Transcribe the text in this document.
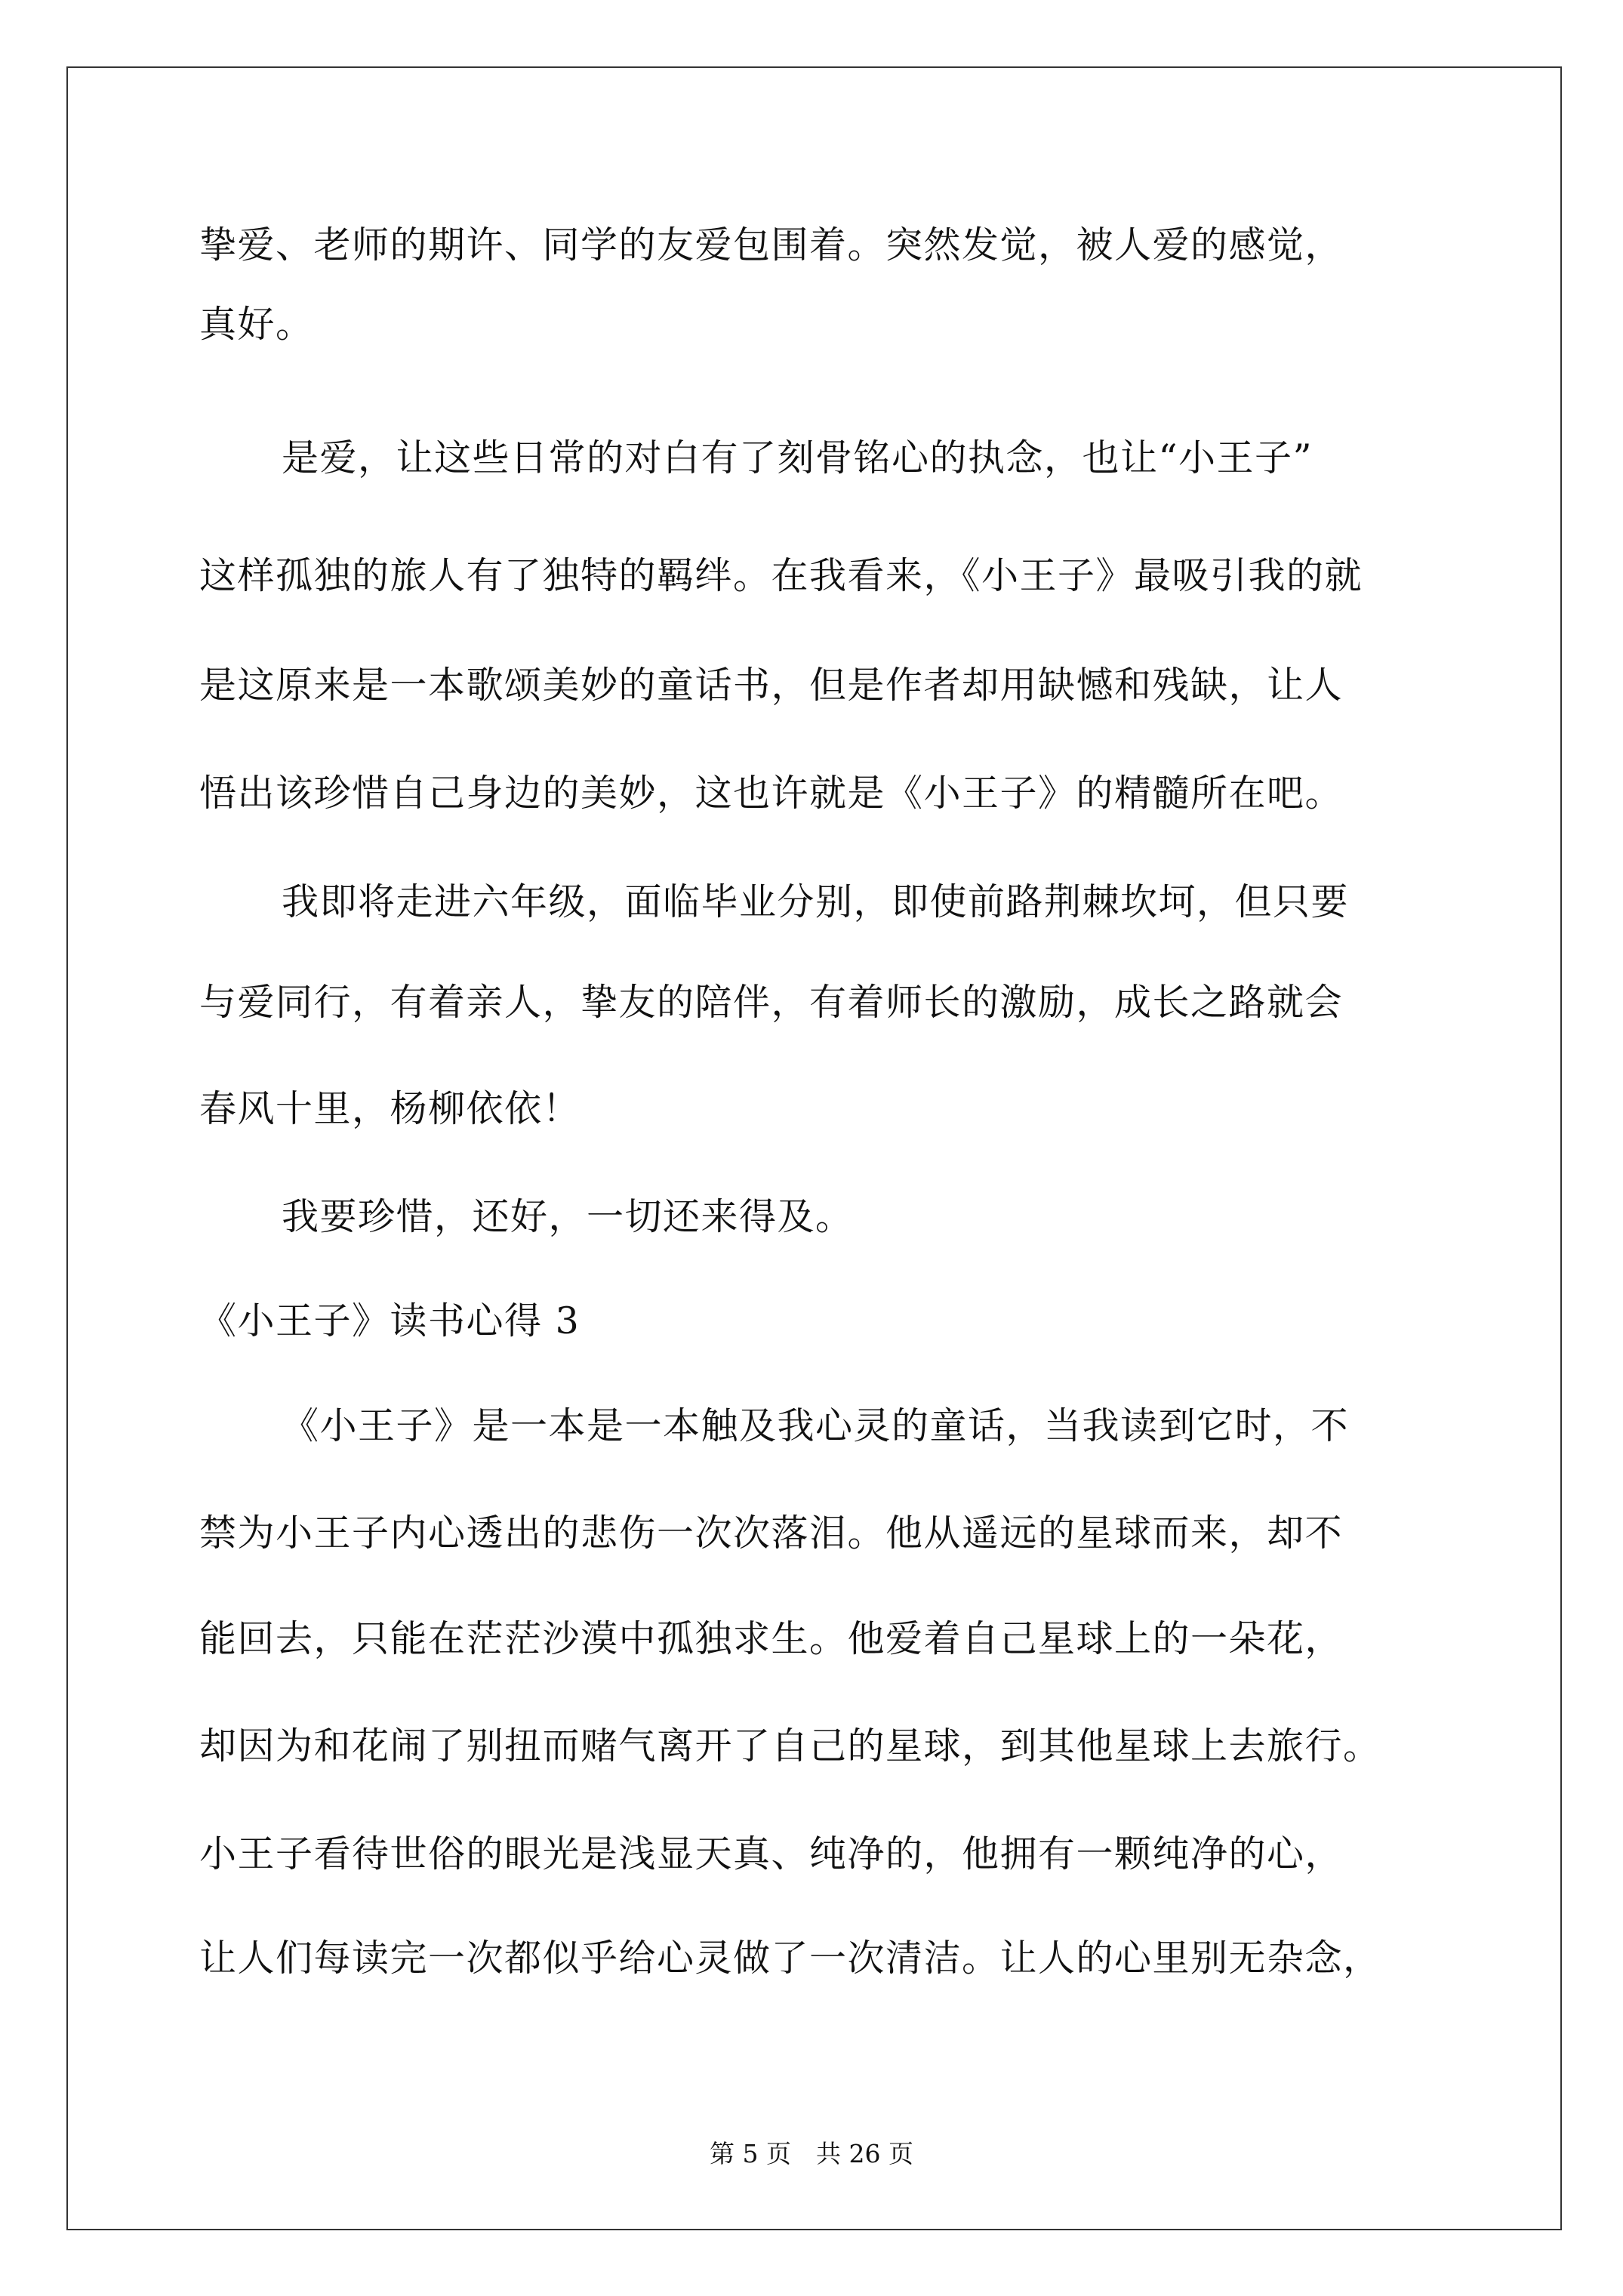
挚爱、老师的期许、同学的友爱包围着。突然发觉，被人爱的感觉，
真好。
是爱，让这些日常的对白有了刻骨铭心的执念，也让“小王子”
这样孤独的旅人有了独特的羁绊。在我看来，《小王子》最吸引我的就
是这原来是一本歌颂美妙的童话书，但是作者却用缺憾和残缺，让人
悟出该珍惜自己身边的美妙，这也许就是《小王子》的精髓所在吧。
我即将走进六年级，面临毕业分别，即使前路荆棘坎坷，但只要
与爱同行，有着亲人，挚友的陪伴，有着师长的激励，成长之路就会
春风十里，杨柳依依！
我要珍惜，还好，一切还来得及。
《小王子》读书心得 3
《小王子》是一本是一本触及我心灵的童话，当我读到它时，不
禁为小王子内心透出的悲伤一次次落泪。他从遥远的星球而来，却不
能回去，只能在茫茫沙漠中孤独求生。他爱着自己星球上的一朵花，
却因为和花闹了别扭而赌气离开了自己的星球，到其他星球上去旅行。
小王子看待世俗的眼光是浅显天真、纯净的，他拥有一颗纯净的心，
让人们每读完一次都似乎给心灵做了一次清洁。让人的心里别无杂念，
第 5 页　共 26 页
